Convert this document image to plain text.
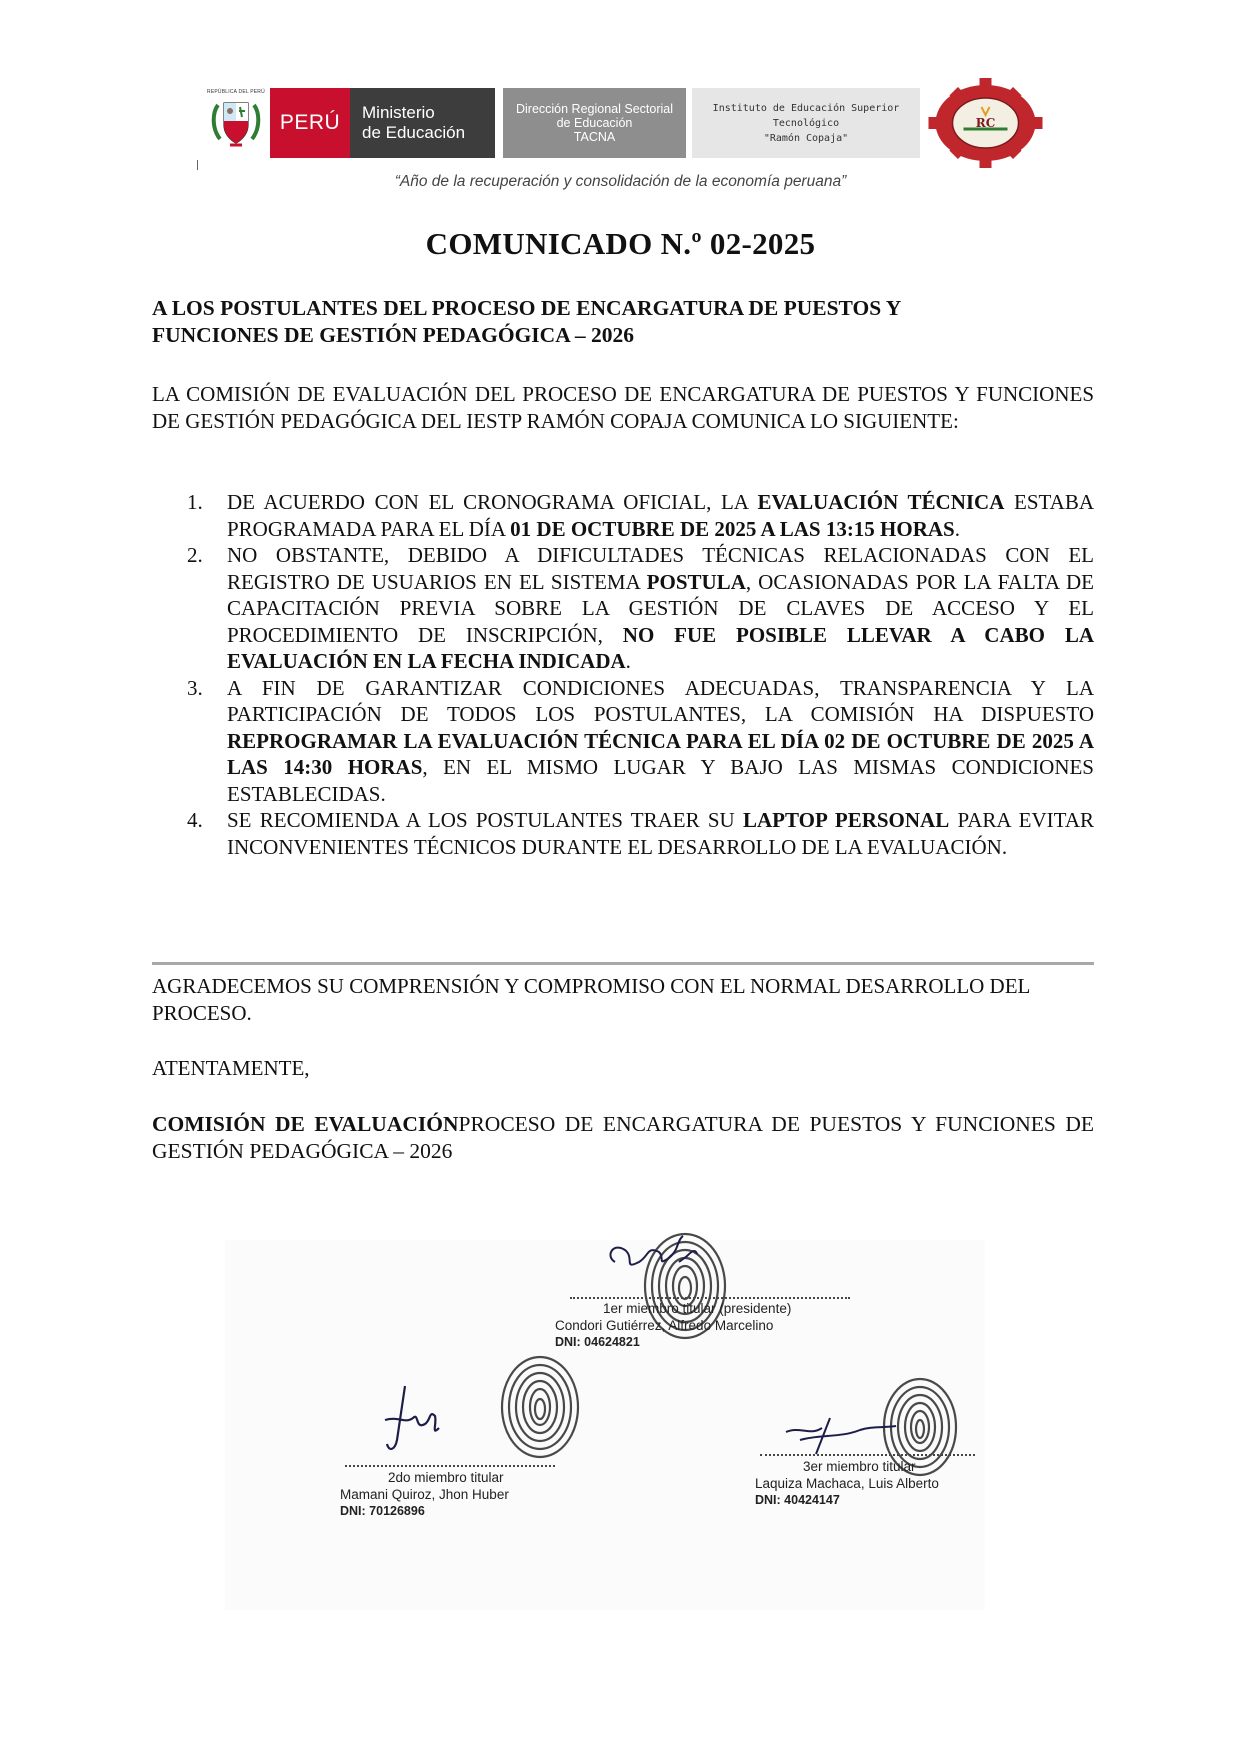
REPÚBLICA DEL PERÚ
PERÚ	Ministerio
de Educación
Dirección Regional Sectorial
de Educación
TACNA
Instituto de Educación Superior Tecnológico
"Ramón Copaja"
RC
“Año de la recuperación y consolidación de la economía peruana”
COMUNICADO N.º 02-2025
A LOS POSTULANTES DEL PROCESO DE ENCARGATURA DE PUESTOS Y
FUNCIONES DE GESTIÓN PEDAGÓGICA – 2026
LA COMISIÓN DE EVALUACIÓN DEL PROCESO DE ENCARGATURA DE PUESTOS Y FUNCIONES DE GESTIÓN PEDAGÓGICA DEL IESTP RAMÓN COPAJA COMUNICA LO SIGUIENTE:
1. DE ACUERDO CON EL CRONOGRAMA OFICIAL, LA EVALUACIÓN TÉCNICA ESTABA PROGRAMADA PARA EL DÍA 01 DE OCTUBRE DE 2025 A LAS 13:15 HORAS.
2. NO OBSTANTE, DEBIDO A DIFICULTADES TÉCNICAS RELACIONADAS CON EL REGISTRO DE USUARIOS EN EL SISTEMA POSTULA, OCASIONADAS POR LA FALTA DE CAPACITACIÓN PREVIA SOBRE LA GESTIÓN DE CLAVES DE ACCESO Y EL PROCEDIMIENTO DE INSCRIPCIÓN, NO FUE POSIBLE LLEVAR A CABO LA EVALUACIÓN EN LA FECHA INDICADA.
3. A FIN DE GARANTIZAR CONDICIONES ADECUADAS, TRANSPARENCIA Y LA PARTICIPACIÓN DE TODOS LOS POSTULANTES, LA COMISIÓN HA DISPUESTO REPROGRAMAR LA EVALUACIÓN TÉCNICA PARA EL DÍA 02 DE OCTUBRE DE 2025 A LAS 14:30 HORAS, EN EL MISMO LUGAR Y BAJO LAS MISMAS CONDICIONES ESTABLECIDAS.
4. SE RECOMIENDA A LOS POSTULANTES TRAER SU LAPTOP PERSONAL PARA EVITAR INCONVENIENTES TÉCNICOS DURANTE EL DESARROLLO DE LA EVALUACIÓN.
AGRADECEMOS SU COMPRENSIÓN Y COMPROMISO CON EL NORMAL DESARROLLO DEL PROCESO.
ATENTAMENTE,
COMISIÓN DE EVALUACIÓNPROCESO DE ENCARGATURA DE PUESTOS Y FUNCIONES DE GESTIÓN PEDAGÓGICA – 2026
1er miembro titular (presidente)
Condori Gutiérrez, Alfredo Marcelino
DNI: 04624821
2do miembro titular
Mamani Quiroz, Jhon Huber
DNI: 70126896
3er miembro titular
Laquiza Machaca, Luis Alberto
DNI: 40424147
